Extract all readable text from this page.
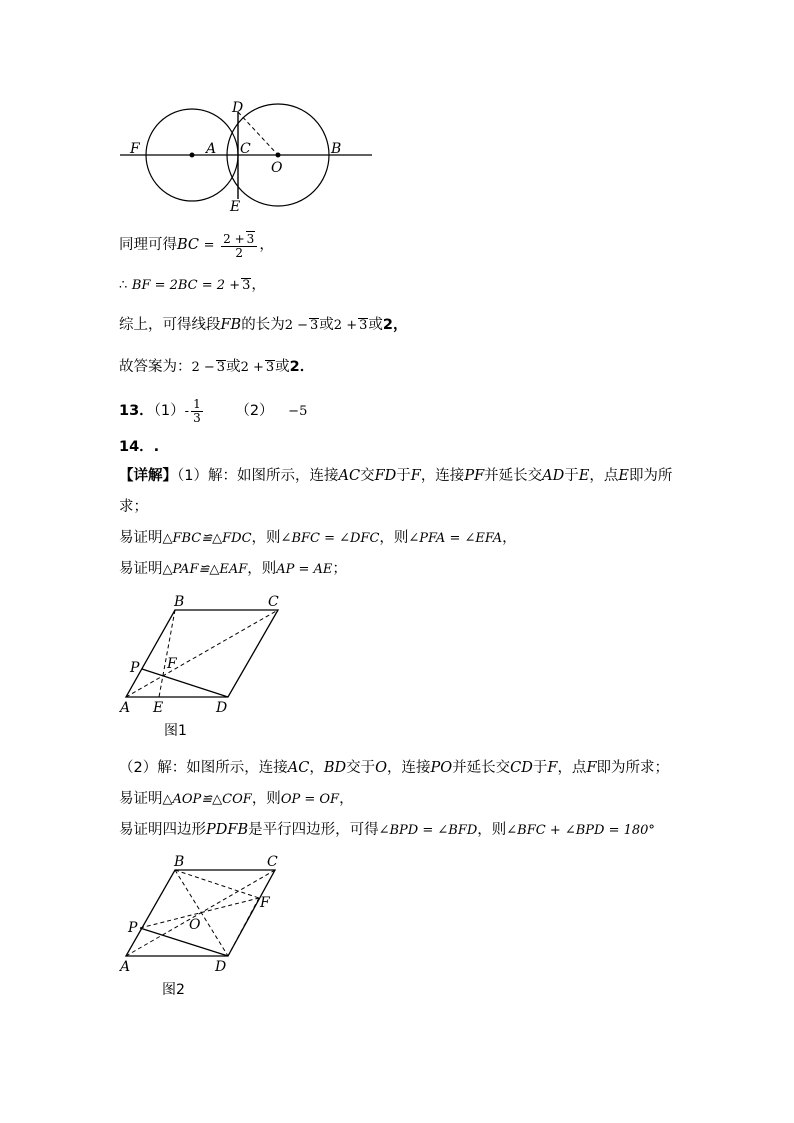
D
F	A C
O
B
E
同理可得BC = $\frac{2 + 3}{2}$ ，
∴ BF = 2BC = 2 + 3，
综上，可得线段FB的长为2 − 3或2 + 3或2，
故答案为：2 − 3或2 + 3或2．
13．$(1)- \frac{1}{3} (2) -5$
14．.
【详解】（1）解：如图所示，连接AC交FD于F，连接PF并延长交AD于E，点E即为所
求；
易证明△FBC≌△FDC，则∠BFC = ∠DFC，则∠PFA = ∠EFA，
易证明△PAF≌△EAF，则AP = AE；
B	C
P F
A E	D
图1
（2）解：如图所示，连接AC，BD交于O，连接PO并延长交CD于F，点F即为所求；
易证明△AOP≌△COF，则OP = OF，
易证明四边形PDFB是平行四边形，可得∠BPD = ∠BFD，则∠BFC + ∠BPD = 180°
B	C
F
P	O
A	D
图2
